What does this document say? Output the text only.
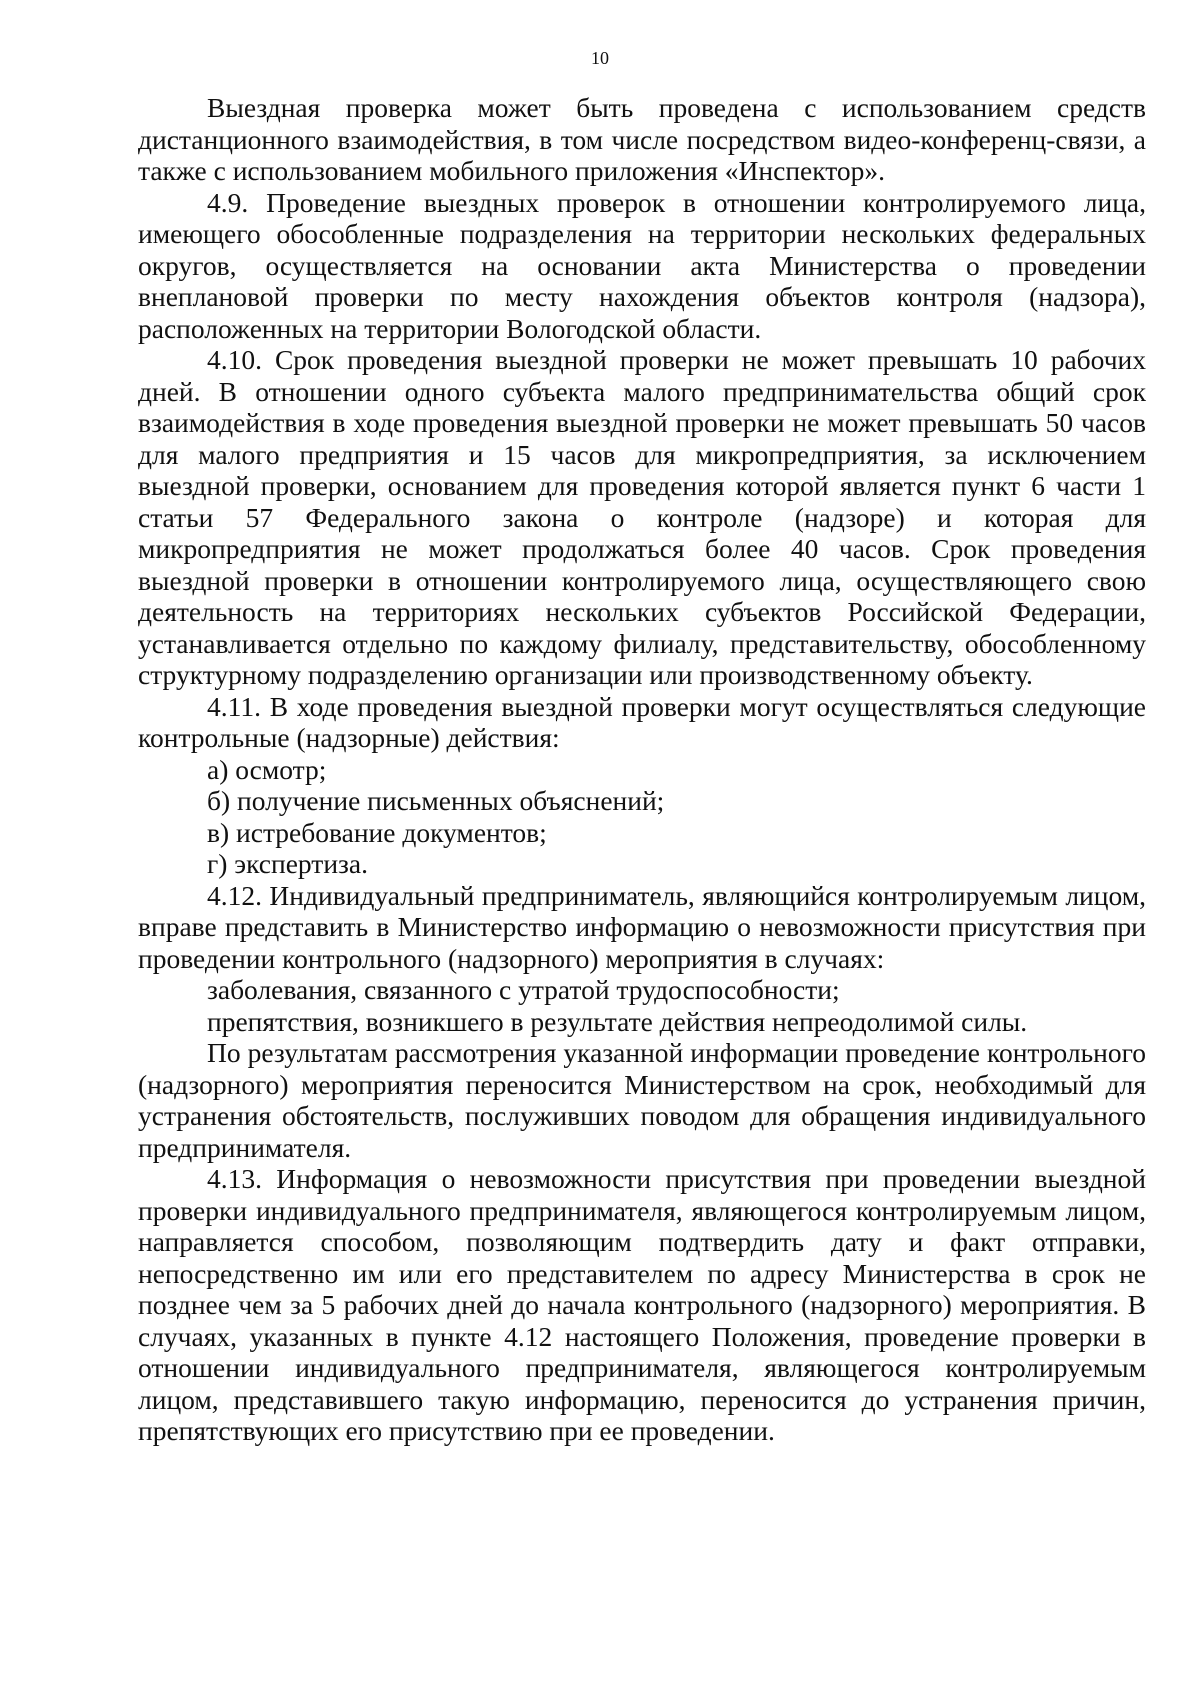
10

Выездная проверка может быть проведена с использованием средств дистанционного взаимодействия, в том числе посредством видео-конференц-связи, а также с использованием мобильного приложения «Инспектор».

4.9. Проведение выездных проверок в отношении контролируемого лица, имеющего обособленные подразделения на территории нескольких федеральных округов, осуществляется на основании акта Министерства о проведении внеплановой проверки по месту нахождения объектов контроля (надзора), расположенных на территории Вологодской области.

4.10. Срок проведения выездной проверки не может превышать 10 рабочих дней. В отношении одного субъекта малого предпринимательства общий срок взаимодействия в ходе проведения выездной проверки не может превышать 50 часов для малого предприятия и 15 часов для микропредприятия, за исключением выездной проверки, основанием для проведения которой является пункт 6 части 1 статьи 57 Федерального закона о контроле (надзоре) и которая для микропредприятия не может продолжаться более 40 часов. Срок проведения выездной проверки в отношении контролируемого лица, осуществляющего свою деятельность на территориях нескольких субъектов Российской Федерации, устанавливается отдельно по каждому филиалу, представительству, обособленному структурному подразделению организации или производственному объекту.

4.11. В ходе проведения выездной проверки могут осуществляться следующие контрольные (надзорные) действия:

а) осмотр;

б) получение письменных объяснений;

в) истребование документов;

г) экспертиза.

4.12. Индивидуальный предприниматель, являющийся контролируемым лицом, вправе представить в Министерство информацию о невозможности присутствия при проведении контрольного (надзорного) мероприятия в случаях:

заболевания, связанного с утратой трудоспособности;

препятствия, возникшего в результате действия непреодолимой силы.

По результатам рассмотрения указанной информации проведение контрольного (надзорного) мероприятия переносится Министерством на срок, необходимый для устранения обстоятельств, послуживших поводом для обращения индивидуального предпринимателя.

4.13. Информация о невозможности присутствия при проведении выездной проверки индивидуального предпринимателя, являющегося контролируемым лицом, направляется способом, позволяющим подтвердить дату и факт отправки, непосредственно им или его представителем по адресу Министерства в срок не позднее чем за 5 рабочих дней до начала контрольного (надзорного) мероприятия. В случаях, указанных в пункте 4.12 настоящего Положения, проведение проверки в отношении индивидуального предпринимателя, являющегося контролируемым лицом, представившего такую информацию, переносится до устранения причин, препятствующих его присутствию при ее проведении.
